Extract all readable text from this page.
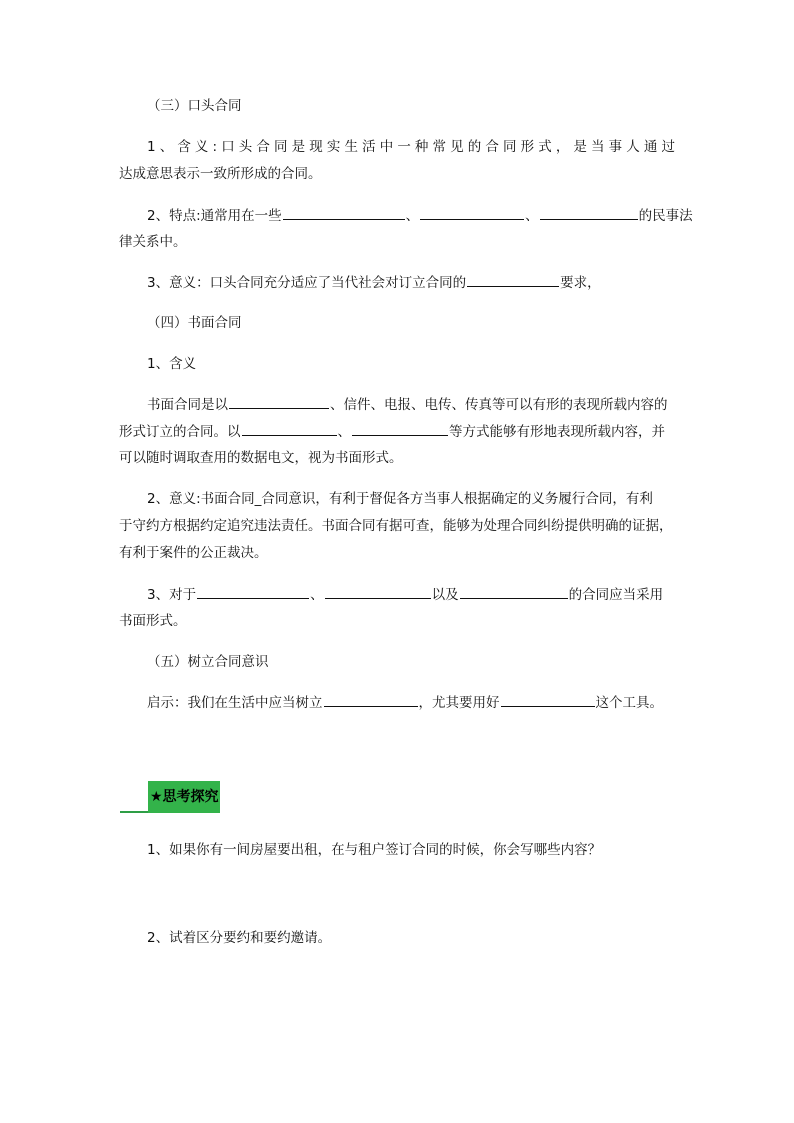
（三）口头合同
1、含义:口头合同是现实生活中一种常见的合同形式，是当事人通过
达成意思表示一致所形成的合同。
2、特点:通常用在一些	、	、	的民事法
律关系中。
3、意义：口头合同充分适应了当代社会对订立合同的	要求，
（四）书面合同
1、含义
书面合同是以	、信件、电报、电传、传真等可以有形的表现所载内容的
形式订立的合同。以	、	等方式能够有形地表现所载内容，并
可以随时调取查用的数据电文，视为书面形式。
2、意义:书面合同_合同意识，有利于督促各方当事人根据确定的义务履行合同，有利
于守约方根据约定追究违法责任。书面合同有据可查，能够为处理合同纠纷提供明确的证据，
有利于案件的公正裁决。
3、对于	、	以及	的合同应当采用
书面形式。
（五）树立合同意识
启示：我们在生活中应当树立	，尤其要用好	这个工具。
★思考探究
1、如果你有一间房屋要出租，在与租户签订合同的时候，你会写哪些内容？
2、试着区分要约和要约邀请。
